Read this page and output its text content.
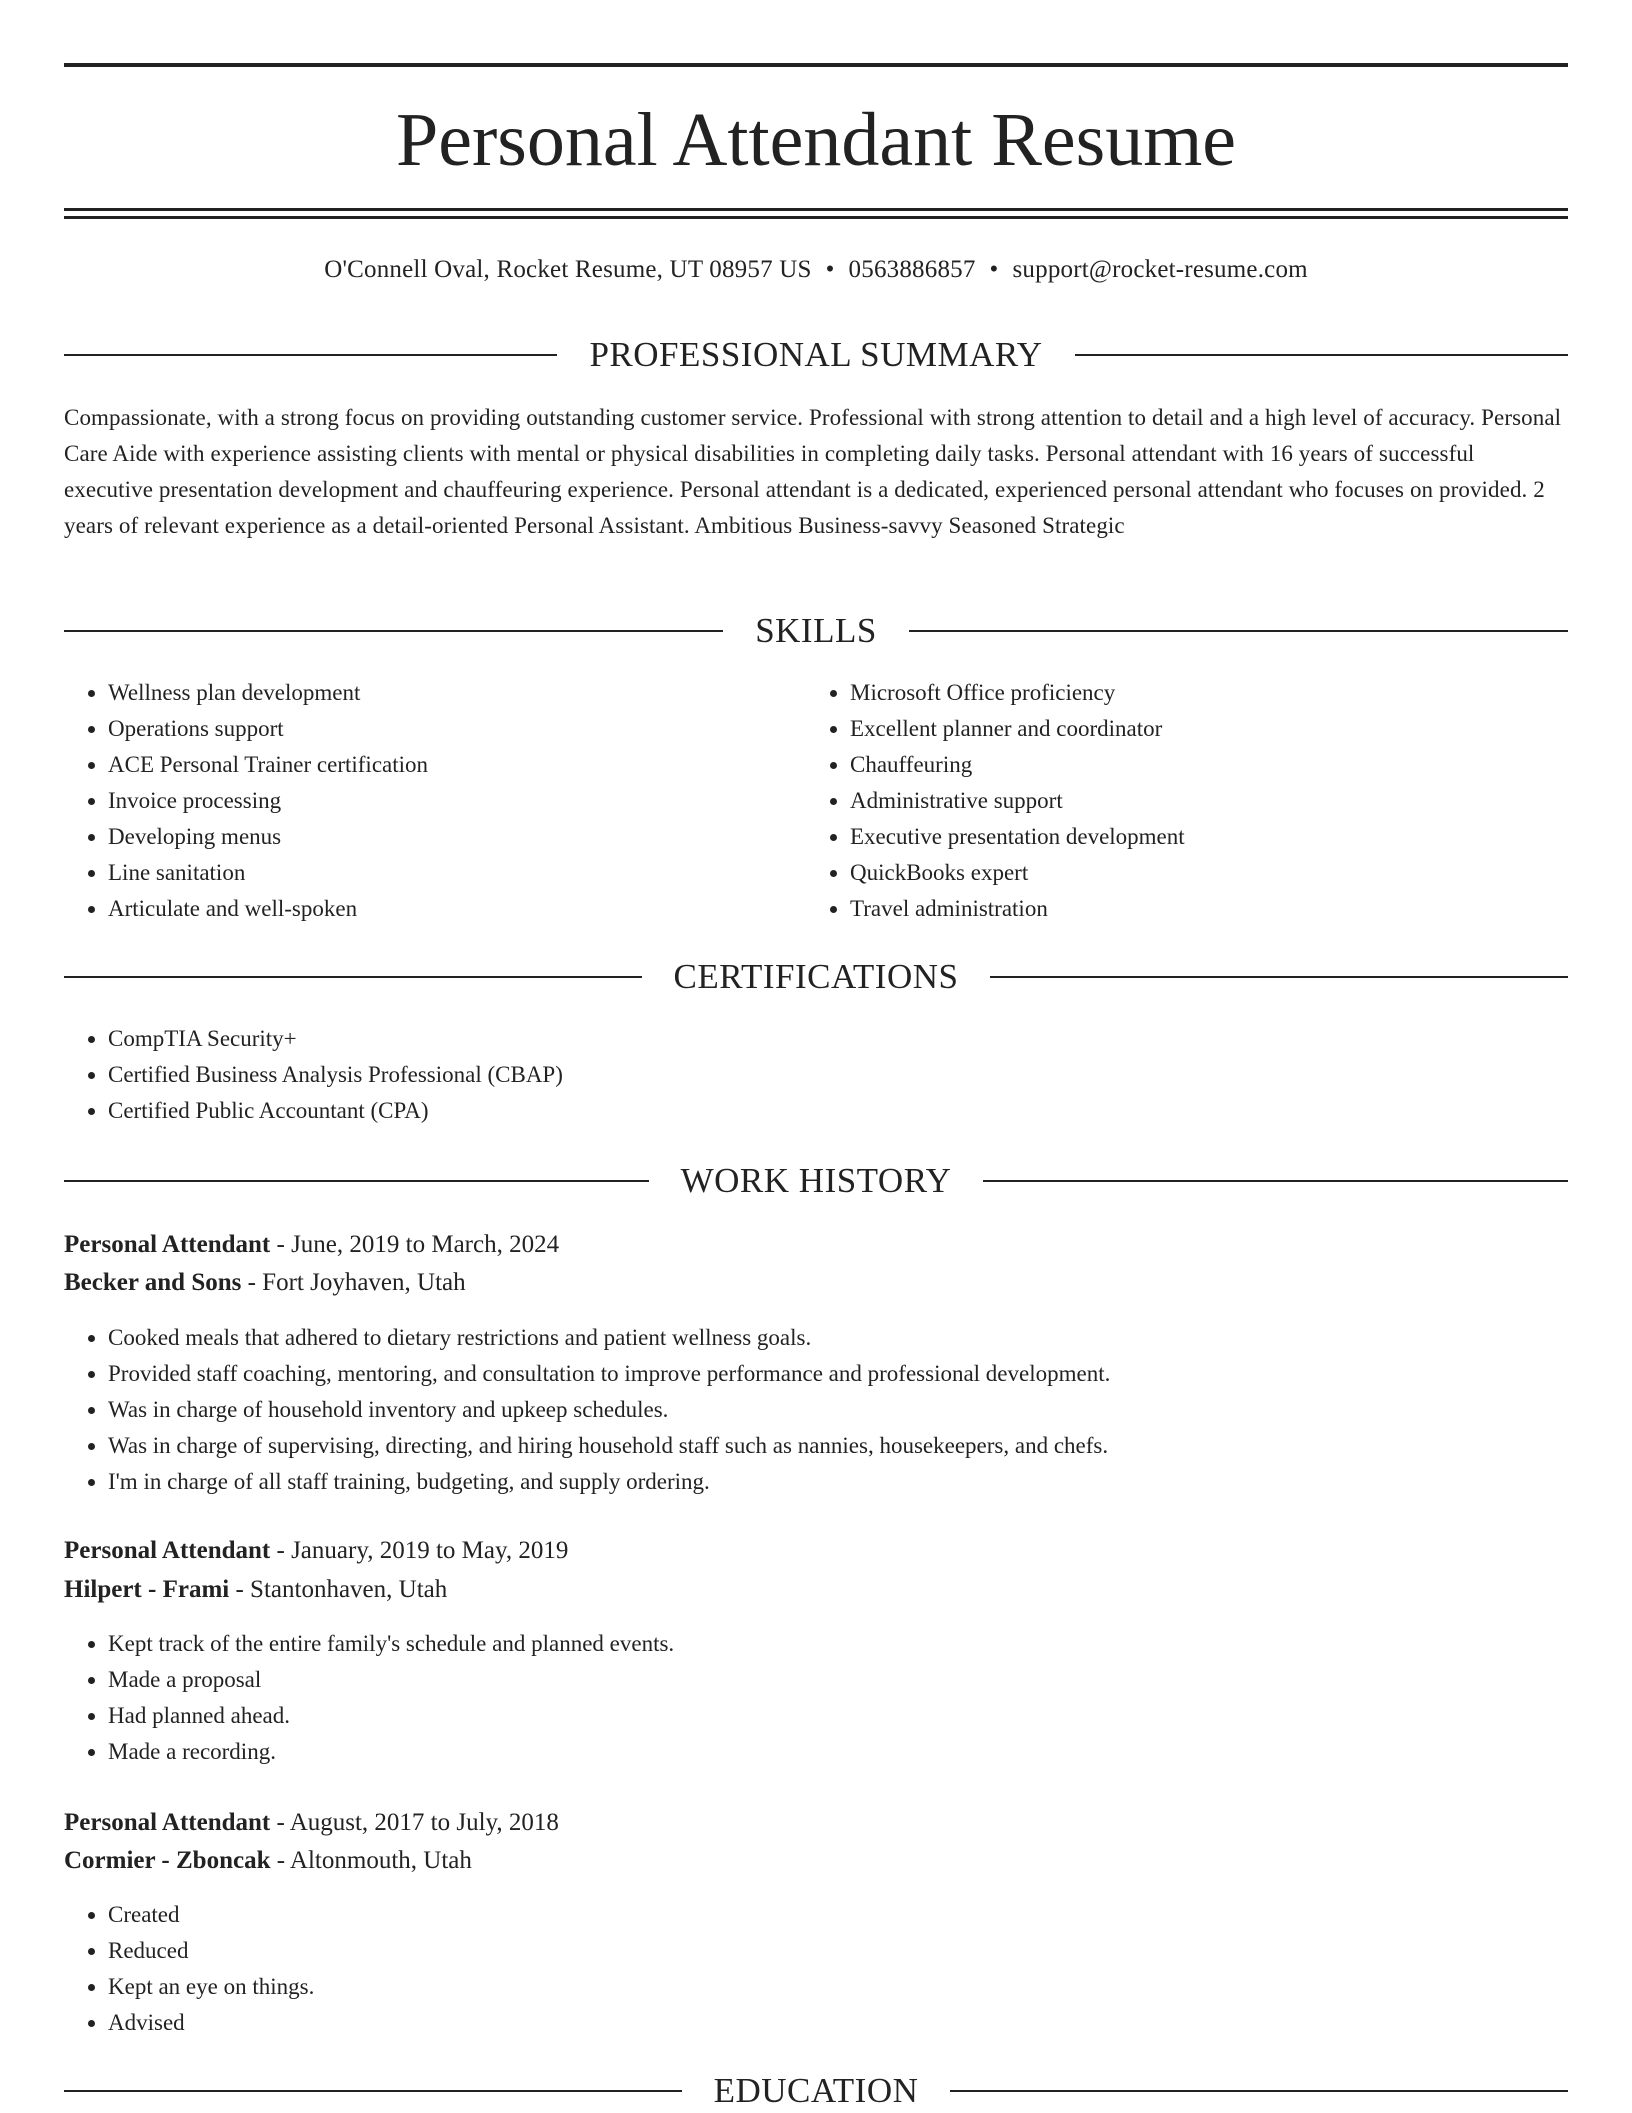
Personal Attendant Resume
O'Connell Oval, Rocket Resume, UT 08957 US • 0563886857 • support@rocket-resume.com
PROFESSIONAL SUMMARY

Compassionate, with a strong focus on providing outstanding customer service. Professional with strong attention to detail and a high level of accuracy. Personal Care Aide with experience assisting clients with mental or physical disabilities in completing daily tasks. Personal attendant with 16 years of successful executive presentation development and chauffeuring experience. Personal attendant is a dedicated, experienced personal attendant who focuses on provided. 2 years of relevant experience as a detail-oriented Personal Assistant. Ambitious Business-savvy Seasoned Strategic

SKILLS
• Wellness plan development
• Operations support
• ACE Personal Trainer certification
• Invoice processing
• Developing menus
• Line sanitation
• Articulate and well-spoken
• Microsoft Office proficiency
• Excellent planner and coordinator
• Chauffeuring
• Administrative support
• Executive presentation development
• QuickBooks expert
• Travel administration
CERTIFICATIONS
• CompTIA Security+
• Certified Business Analysis Professional (CBAP)
• Certified Public Accountant (CPA)
WORK HISTORY
Personal Attendant - June, 2019 to March, 2024
Becker and Sons - Fort Joyhaven, Utah
• Cooked meals that adhered to dietary restrictions and patient wellness goals.
• Provided staff coaching, mentoring, and consultation to improve performance and professional development.
• Was in charge of household inventory and upkeep schedules.
• Was in charge of supervising, directing, and hiring household staff such as nannies, housekeepers, and chefs.
• I'm in charge of all staff training, budgeting, and supply ordering.
Personal Attendant - January, 2019 to May, 2019
Hilpert - Frami - Stantonhaven, Utah
• Kept track of the entire family's schedule and planned events.
• Made a proposal
• Had planned ahead.
• Made a recording.
Personal Attendant - August, 2017 to July, 2018
Cormier - Zboncak - Altonmouth, Utah
• Created
• Reduced
• Kept an eye on things.
• Advised
EDUCATION
